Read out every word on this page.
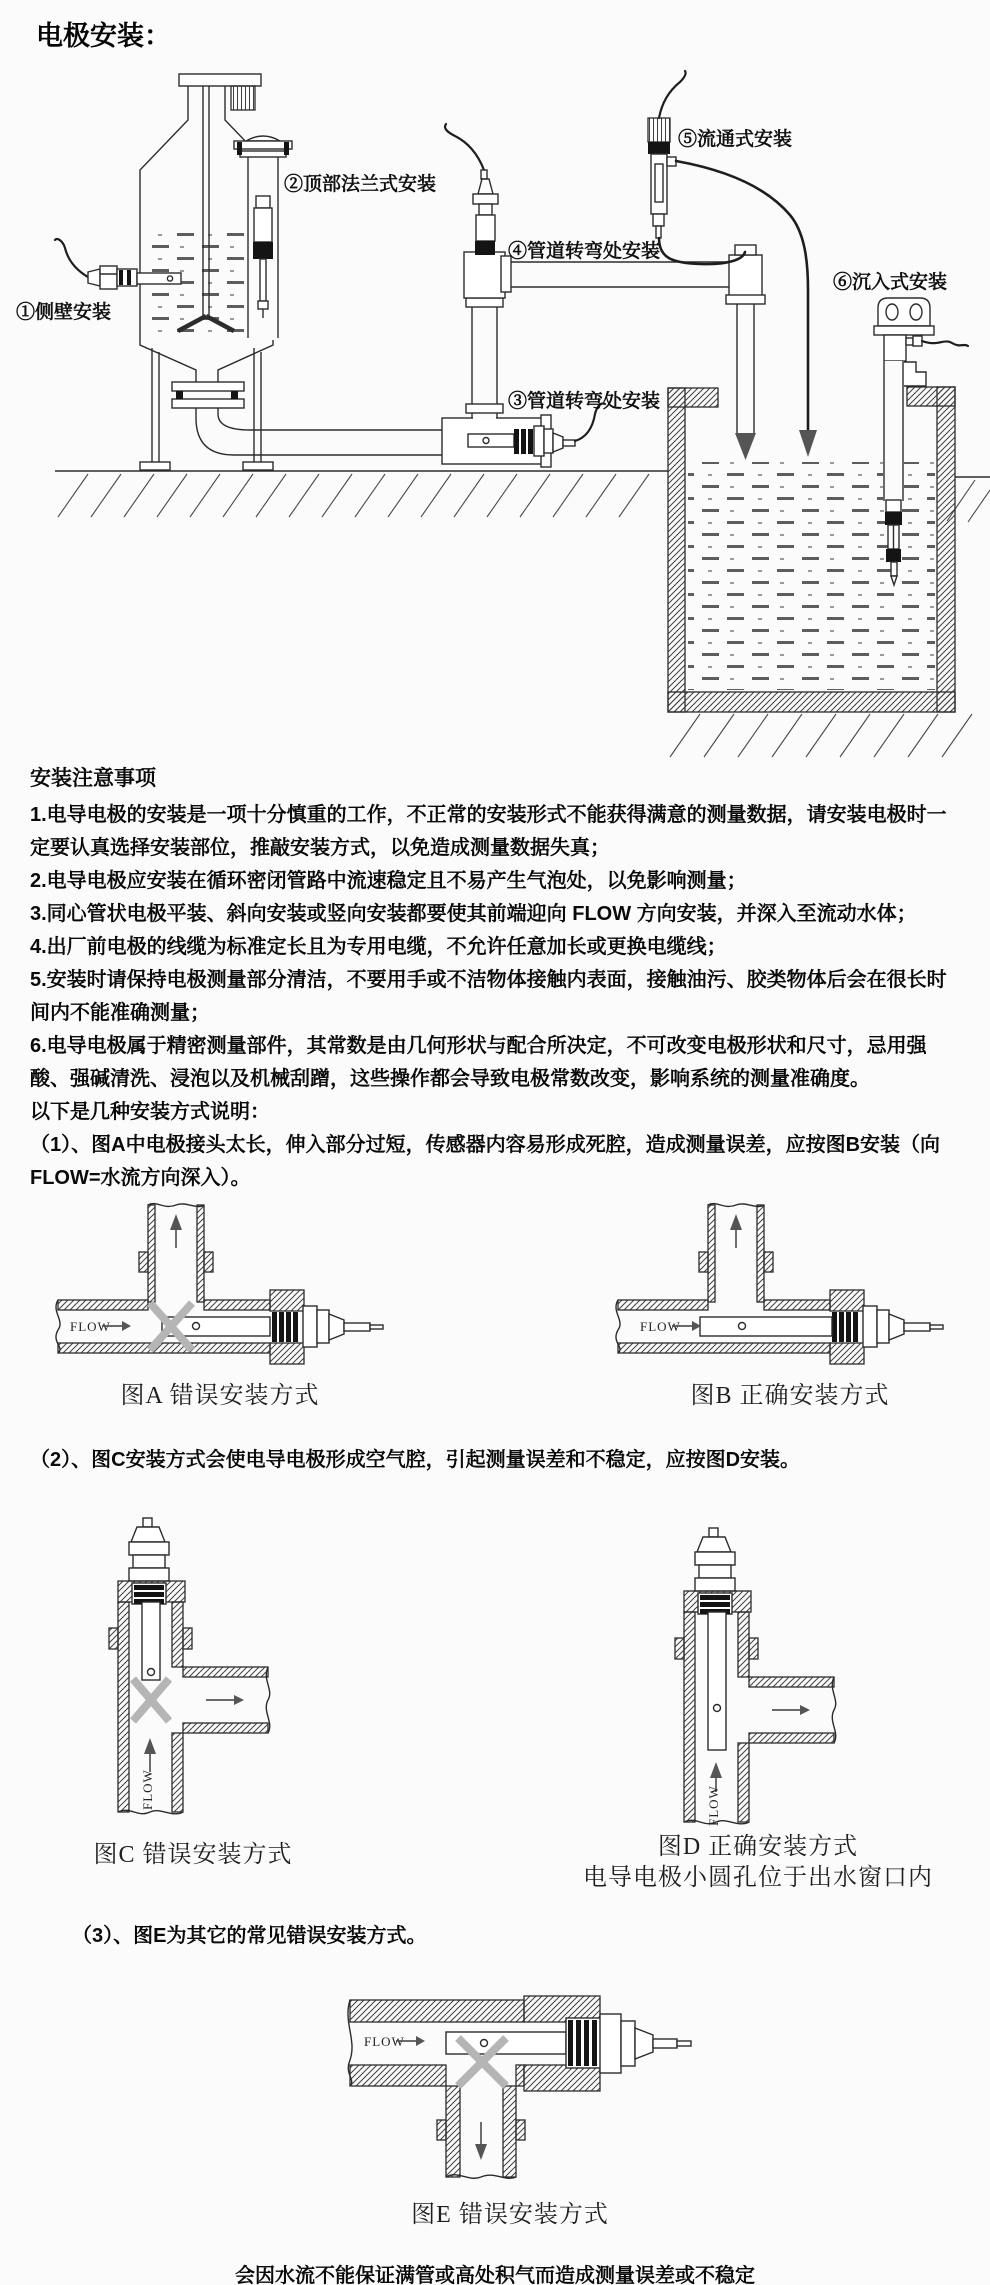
FLOW	FLOW
FLOW	FLOW
FLOW
电极安装：
①侧壁安装
②顶部法兰式安装
③管道转弯处安装
④管道转弯处安装
⑤流通式安装
⑥沉入式安装
安装注意事项

1.电导电极的安装是一项十分慎重的工作，不正常的安装形式不能获得满意的测量数据，请安装电极时一定要认真选择安装部位，推敲安装方式，以免造成测量数据失真；

2.电导电极应安装在循环密闭管路中流速稳定且不易产生气泡处，以免影响测量；

3.同心管状电极平装、斜向安装或竖向安装都要使其前端迎向 FLOW 方向安装，并深入至流动水体；

4.出厂前电极的线缆为标准定长且为专用电缆，不允许任意加长或更换电缆线；

5.安装时请保持电极测量部分清洁，不要用手或不洁物体接触内表面，接触油污、胶类物体后会在很长时间内不能准确测量；

6.电导电极属于精密测量部件，其常数是由几何形状与配合所决定，不可改变电极形状和尺寸，忌用强酸、强碱清洗、浸泡以及机械刮蹭，这些操作都会导致电极常数改变，影响系统的测量准确度。

以下是几种安装方式说明：

（1）、图A中电极接头太长，伸入部分过短，传感器内容易形成死腔，造成测量误差，应按图B安装（向FLOW=水流方向深入）。

（2）、图C安装方式会使电导电极形成空气腔，引起测量误差和不稳定，应按图D安装。
（3）、图E为其它的常见错误安装方式。
图A 错误安装方式	图B 正确安装方式
图C 错误安装方式	图D 正确安装方式
电导电极小圆孔位于出水窗口内
图E 错误安装方式
会因水流不能保证满管或高处积气而造成测量误差或不稳定
